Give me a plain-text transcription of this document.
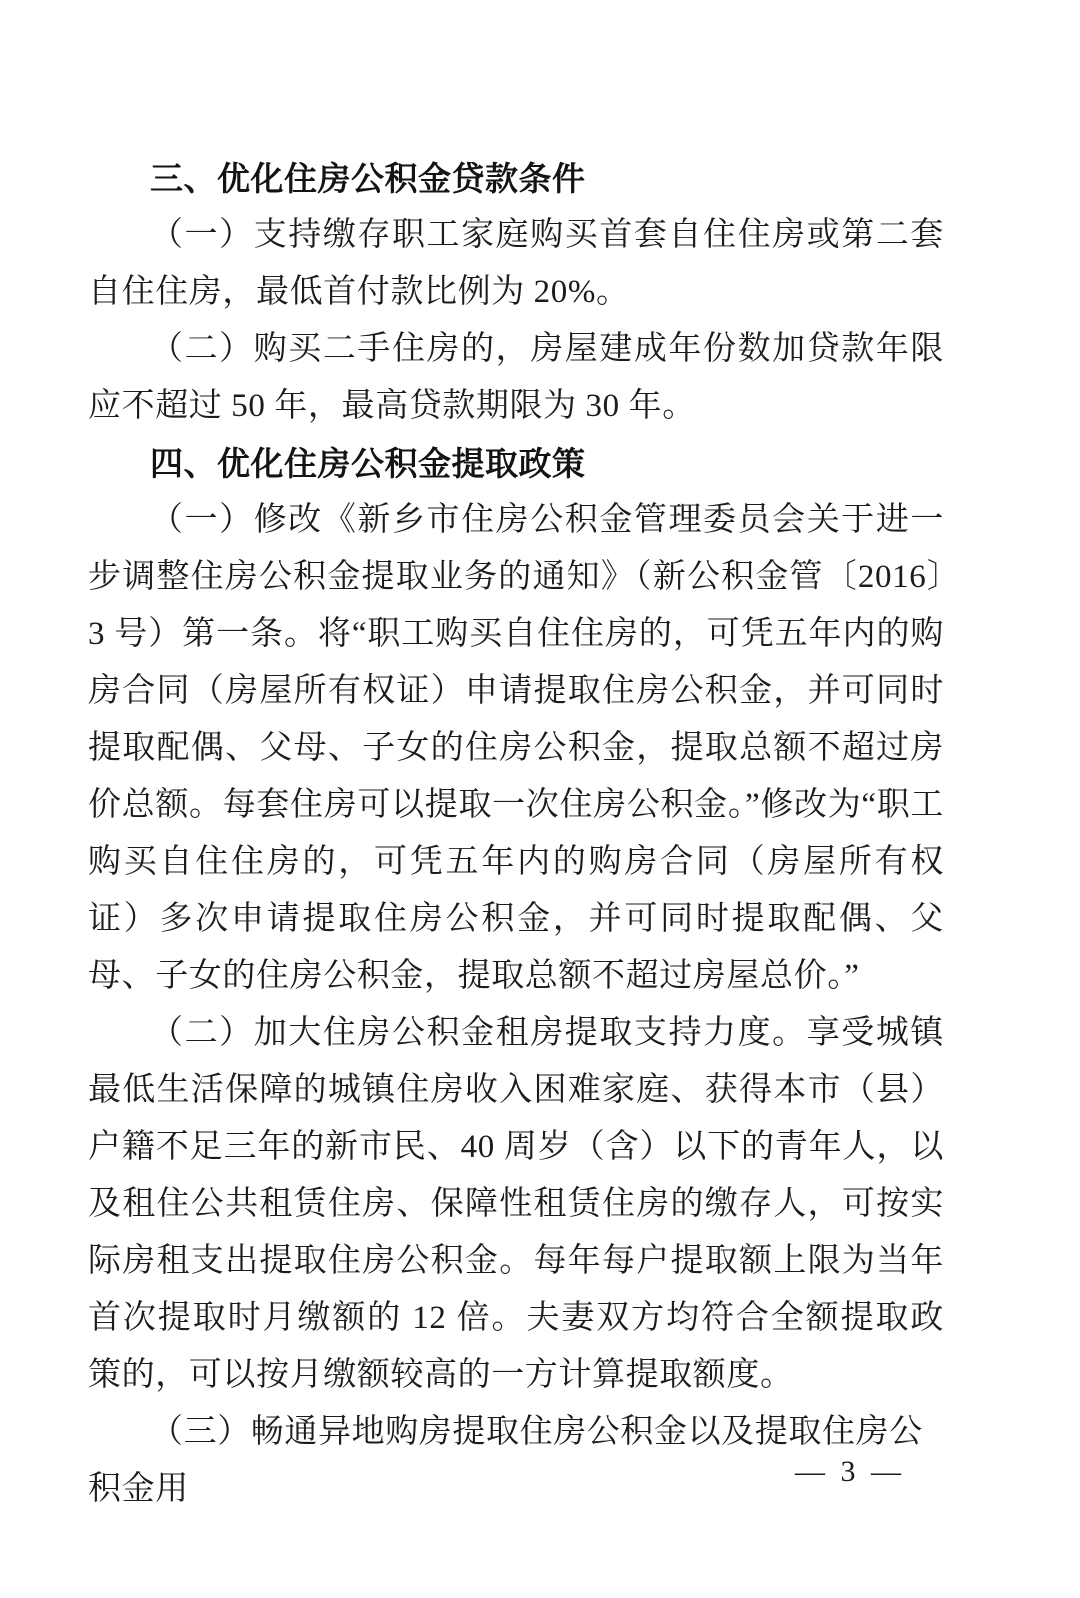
三、优化住房公积金贷款条件

（一）支持缴存职工家庭购买首套自住住房或第二套自住住房，最低首付款比例为 20%。

（二）购买二手住房的，房屋建成年份数加贷款年限应不超过 50 年，最高贷款期限为 30 年。

四、优化住房公积金提取政策

（一）修改《新乡市住房公积金管理委员会关于进一步调整住房公积金提取业务的通知》（新公积金管〔2016〕3 号）第一条。将“职工购买自住住房的，可凭五年内的购房合同（房屋所有权证）申请提取住房公积金，并可同时提取配偶、父母、子女的住房公积金，提取总额不超过房价总额。每套住房可以提取一次住房公积金。”修改为“职工购买自住住房的，可凭五年内的购房合同（房屋所有权证）多次申请提取住房公积金，并可同时提取配偶、父母、子女的住房公积金，提取总额不超过房屋总价。”

（二）加大住房公积金租房提取支持力度。享受城镇最低生活保障的城镇住房收入困难家庭、获得本市（县）户籍不足三年的新市民、40 周岁（含）以下的青年人，以及租住公共租赁住房、保障性租赁住房的缴存人，可按实际房租支出提取住房公积金。每年每户提取额上限为当年首次提取时月缴额的 12 倍。夫妻双方均符合全额提取政策的，可以按月缴额较高的一方计算提取额度。

（三）畅通异地购房提取住房公积金以及提取住房公积金用	— 3 —
